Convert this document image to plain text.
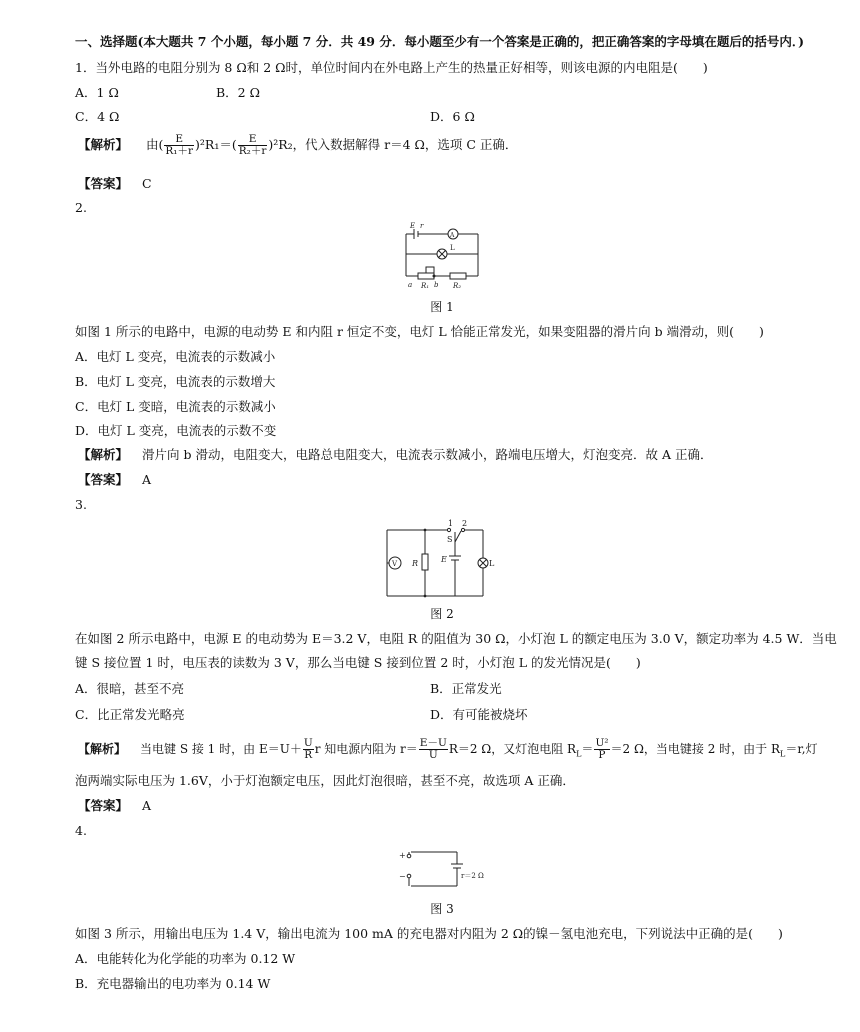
一、选择题(本大题共 7 个小题，每小题 7 分．共 49 分．每小题至少有一个答案是正确的，把正确答案的字母填在题后的括号内．)
1．当外电路的电阻分别为 8 Ω和 2 Ω时，单位时间内在外电路上产生的热量正好相等，则该电源的内电阻是(　　)
A．1 Ω	B．2 Ω
C．4 Ω	D．6 Ω
【解析】 由( $\frac{E}{\text{R₁＋r}} )^2R_1=( \frac{E}{\text{R₂＋r}} )^2R_2$，代入数据解得 r＝4 Ω，选项 C 正确．
【答案】 C
2.
E r
A
L
a R₁ b R₂
图 1
如图 1 所示的电路中，电源的电动势 E 和内阻 r 恒定不变，电灯 L 恰能正常发光，如果变阻器的滑片向 b 端滑动，则(　　)
A．电灯 L 变亮，电流表的示数减小
B．电灯 L 变亮，电流表的示数增大
C．电灯 L 变暗，电流表的示数减小
D．电灯 L 变亮，电流表的示数不变
【解析】 滑片向 b 滑动，电阻变大，电路总电阻变大，电流表示数减小，路端电压增大，灯泡变亮．故 A 正确．
【答案】 A
3.
V R
1 2
S
E	L
图 2
在如图 2 所示电路中，电源 E 的电动势为 E＝3.2 V，电阻 R 的阻值为 30 Ω，小灯泡 L 的额定电压为 3.0 V，额定功率为 4.5 W．当电
键 S 接位置 1 时，电压表的读数为 3 V，那么当电键 S 接到位置 2 时，小灯泡 L 的发光情况是(　　)
A．很暗，甚至不亮	B．正常发光
C．比正常发光略亮	D．有可能被烧坏
【解析】 当电键 S 接 1 时，由 $E=U+ \frac{U}{R}$ r 知电源内阻为 $r= \frac{E-U}{U} R=2$ Ω，又灯泡电阻 $R_L= \frac{\text{U²}}{P} =2$ Ω，当电键接 2 时，由于 $R_L=r$,灯
泡两端实际电压为 1.6V，小于灯泡额定电压，因此灯泡很暗，甚至不亮，故选项 A 正确．
【答案】 A
4.
+
−	r＝2 Ω
图 3
如图 3 所示，用输出电压为 1.4 V，输出电流为 100 mA 的充电器对内阻为 2 Ω的镍－氢电池充电，下列说法中正确的是(　　)
A．电能转化为化学能的功率为 0.12 W
B．充电器输出的电功率为 0.14 W
